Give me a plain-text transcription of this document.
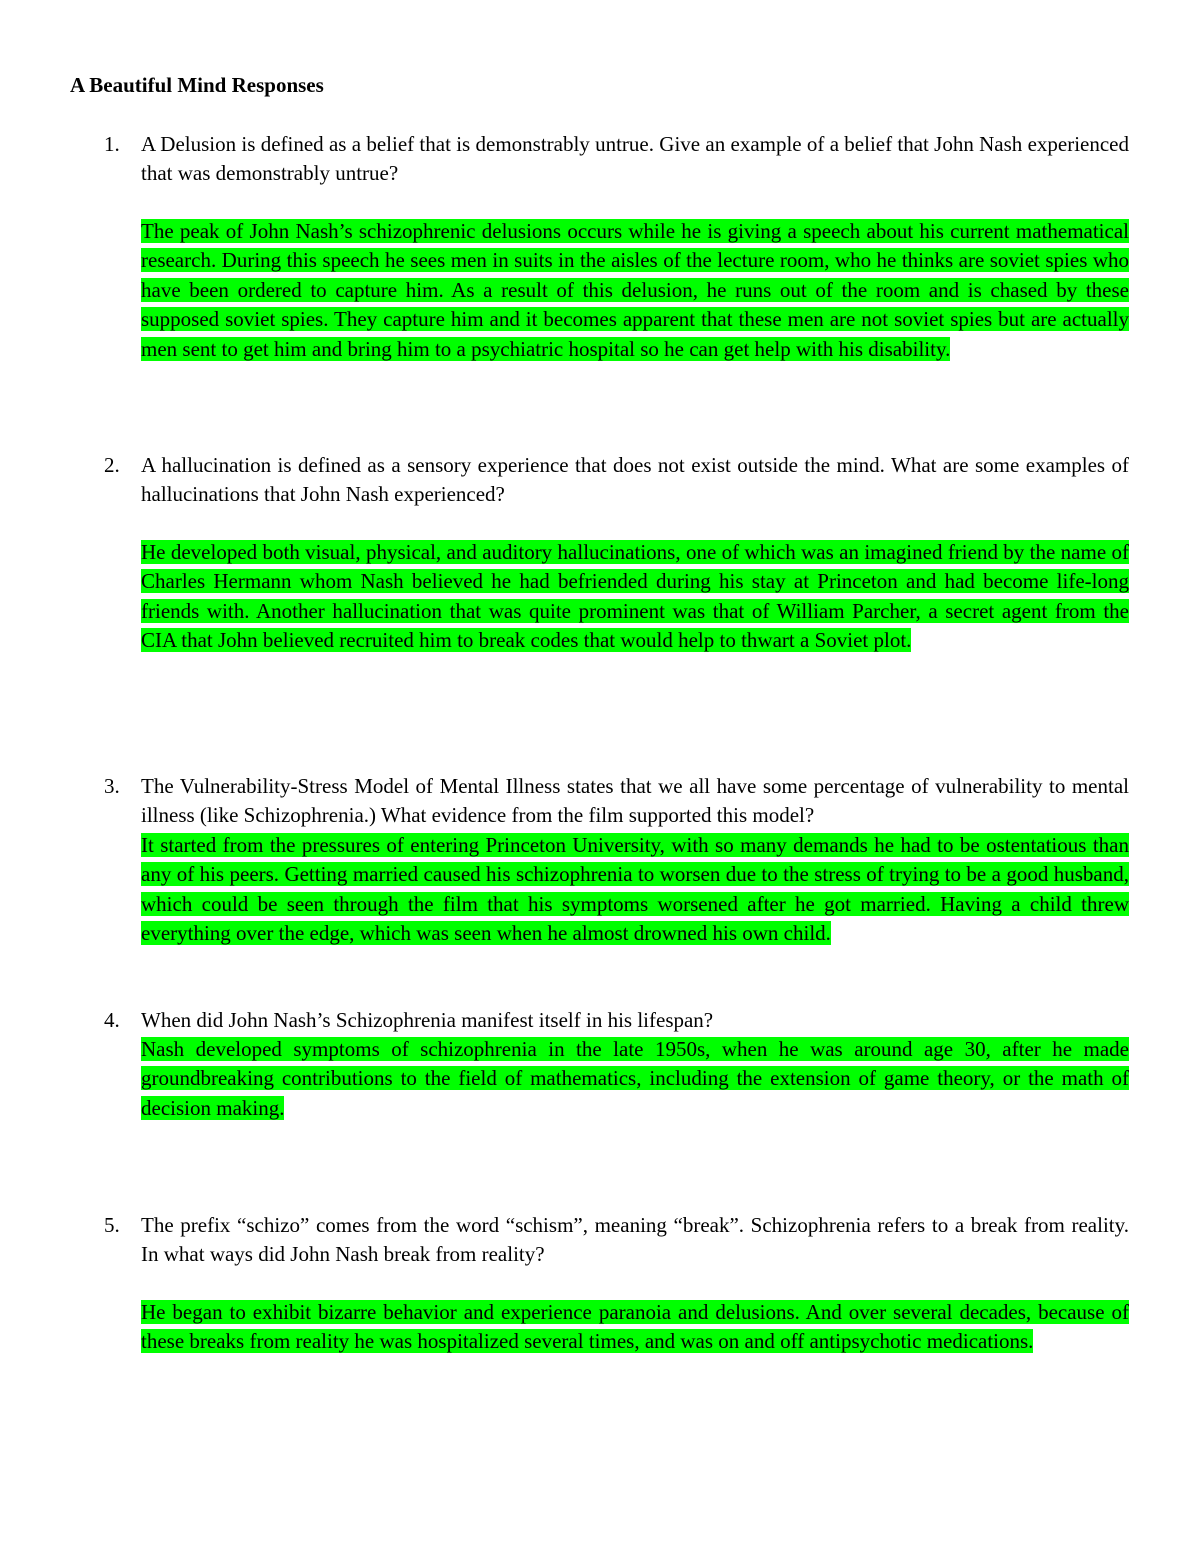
A Beautiful Mind Responses
1. A Delusion is defined as a belief that is demonstrably untrue. Give an example of a belief that John Nash experienced that was demonstrably untrue?
The peak of John Nash’s schizophrenic delusions occurs while he is giving a speech about his current mathematical research. During this speech he sees men in suits in the aisles of the lecture room, who he thinks are soviet spies who have been ordered to capture him. As a result of this delusion, he runs out of the room and is chased by these supposed soviet spies. They capture him and it becomes apparent that these men are not soviet spies but are actually men sent to get him and bring him to a psychiatric hospital so he can get help with his disability.
2. A hallucination is defined as a sensory experience that does not exist outside the mind. What are some examples of hallucinations that John Nash experienced?
He developed both visual, physical, and auditory hallucinations, one of which was an imagined friend by the name of Charles Hermann whom Nash believed he had befriended during his stay at Princeton and had become life-long friends with. Another hallucination that was quite prominent was that of William Parcher, a secret agent from the CIA that John believed recruited him to break codes that would help to thwart a Soviet plot.
3. The Vulnerability-Stress Model of Mental Illness states that we all have some percentage of vulnerability to mental illness (like Schizophrenia.) What evidence from the film supported this model?
It started from the pressures of entering Princeton University, with so many demands he had to be ostentatious than any of his peers. Getting married caused his schizophrenia to worsen due to the stress of trying to be a good husband, which could be seen through the film that his symptoms worsened after he got married. Having a child threw everything over the edge, which was seen when he almost drowned his own child.
4. When did John Nash’s Schizophrenia manifest itself in his lifespan?
Nash developed symptoms of schizophrenia in the late 1950s, when he was around age 30, after he made groundbreaking contributions to the field of mathematics, including the extension of game theory, or the math of decision making.
5. The prefix “schizo” comes from the word “schism”, meaning “break”. Schizophrenia refers to a break from reality. In what ways did John Nash break from reality?
He began to exhibit bizarre behavior and experience paranoia and delusions. And over several decades, because of these breaks from reality he was hospitalized several times, and was on and off antipsychotic medications.
